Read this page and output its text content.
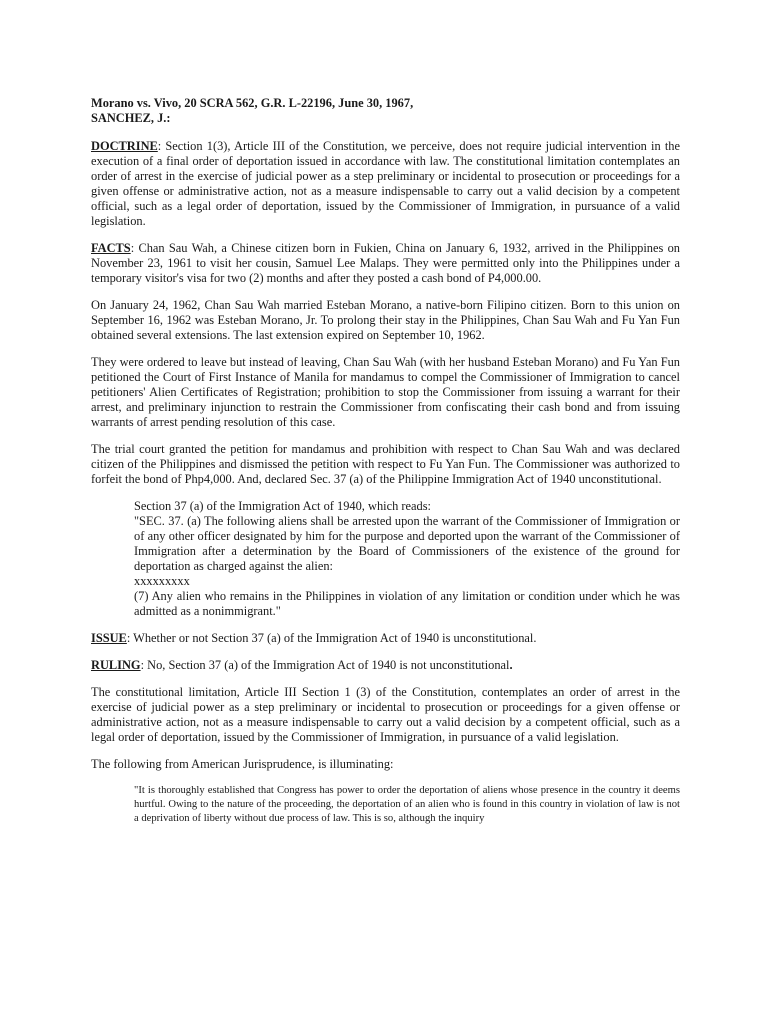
Morano vs. Vivo, 20 SCRA 562, G.R. L-22196, June 30, 1967,
SANCHEZ, J.:

DOCTRINE: Section 1(3), Article III of the Constitution, we perceive, does not require judicial intervention in the execution of a final order of deportation issued in accordance with law. The constitutional limitation contemplates an order of arrest in the exercise of judicial power as a step preliminary or incidental to prosecution or proceedings for a given offense or administrative action, not as a measure indispensable to carry out a valid decision by a competent official, such as a legal order of deportation, issued by the Commissioner of Immigration, in pursuance of a valid legislation.

FACTS: Chan Sau Wah, a Chinese citizen born in Fukien, China on January 6, 1932, arrived in the Philippines on November 23, 1961 to visit her cousin, Samuel Lee Malaps. They were permitted only into the Philippines under a temporary visitor's visa for two (2) months and after they posted a cash bond of P4,000.00.

On January 24, 1962, Chan Sau Wah married Esteban Morano, a native-born Filipino citizen. Born to this union on September 16, 1962 was Esteban Morano, Jr. To prolong their stay in the Philippines, Chan Sau Wah and Fu Yan Fun obtained several extensions. The last extension expired on September 10, 1962.

They were ordered to leave but instead of leaving, Chan Sau Wah (with her husband Esteban Morano) and Fu Yan Fun petitioned the Court of First Instance of Manila for mandamus to compel the Commissioner of Immigration to cancel petitioners' Alien Certificates of Registration; prohibition to stop the Commissioner from issuing a warrant for their arrest, and preliminary injunction to restrain the Commissioner from confiscating their cash bond and from issuing warrants of arrest pending resolution of this case.

The trial court granted the petition for mandamus and prohibition with respect to Chan Sau Wah and was declared citizen of the Philippines and dismissed the petition with respect to Fu Yan Fun. The Commissioner was authorized to forfeit the bond of Php4,000. And, declared Sec. 37 (a) of the Philippine Immigration Act of 1940 unconstitutional.

Section 37 (a) of the Immigration Act of 1940, which reads:
"SEC. 37. (a) The following aliens shall be arrested upon the warrant of the Commissioner of Immigration or of any other officer designated by him for the purpose and deported upon the warrant of the Commissioner of Immigration after a determination by the Board of Commissioners of the existence of the ground for deportation as charged against the alien:
xxxxxxxxx
(7) Any alien who remains in the Philippines in violation of any limitation or condition under which he was admitted as a nonimmigrant."

ISSUE: Whether or not Section 37 (a) of the Immigration Act of 1940 is unconstitutional.

RULING: No, Section 37 (a) of the Immigration Act of 1940 is not unconstitutional.

The constitutional limitation, Article III Section 1 (3) of the Constitution, contemplates an order of arrest in the exercise of judicial power as a step preliminary or incidental to prosecution or proceedings for a given offense or administrative action, not as a measure indispensable to carry out a valid decision by a competent official, such as a legal order of deportation, issued by the Commissioner of Immigration, in pursuance of a valid legislation.

The following from American Jurisprudence, is illuminating:

"It is thoroughly established that Congress has power to order the deportation of aliens whose presence in the country it deems hurtful. Owing to the nature of the proceeding, the deportation of an alien who is found in this country in violation of law is not a deprivation of liberty without due process of law. This is so, although the inquiry
